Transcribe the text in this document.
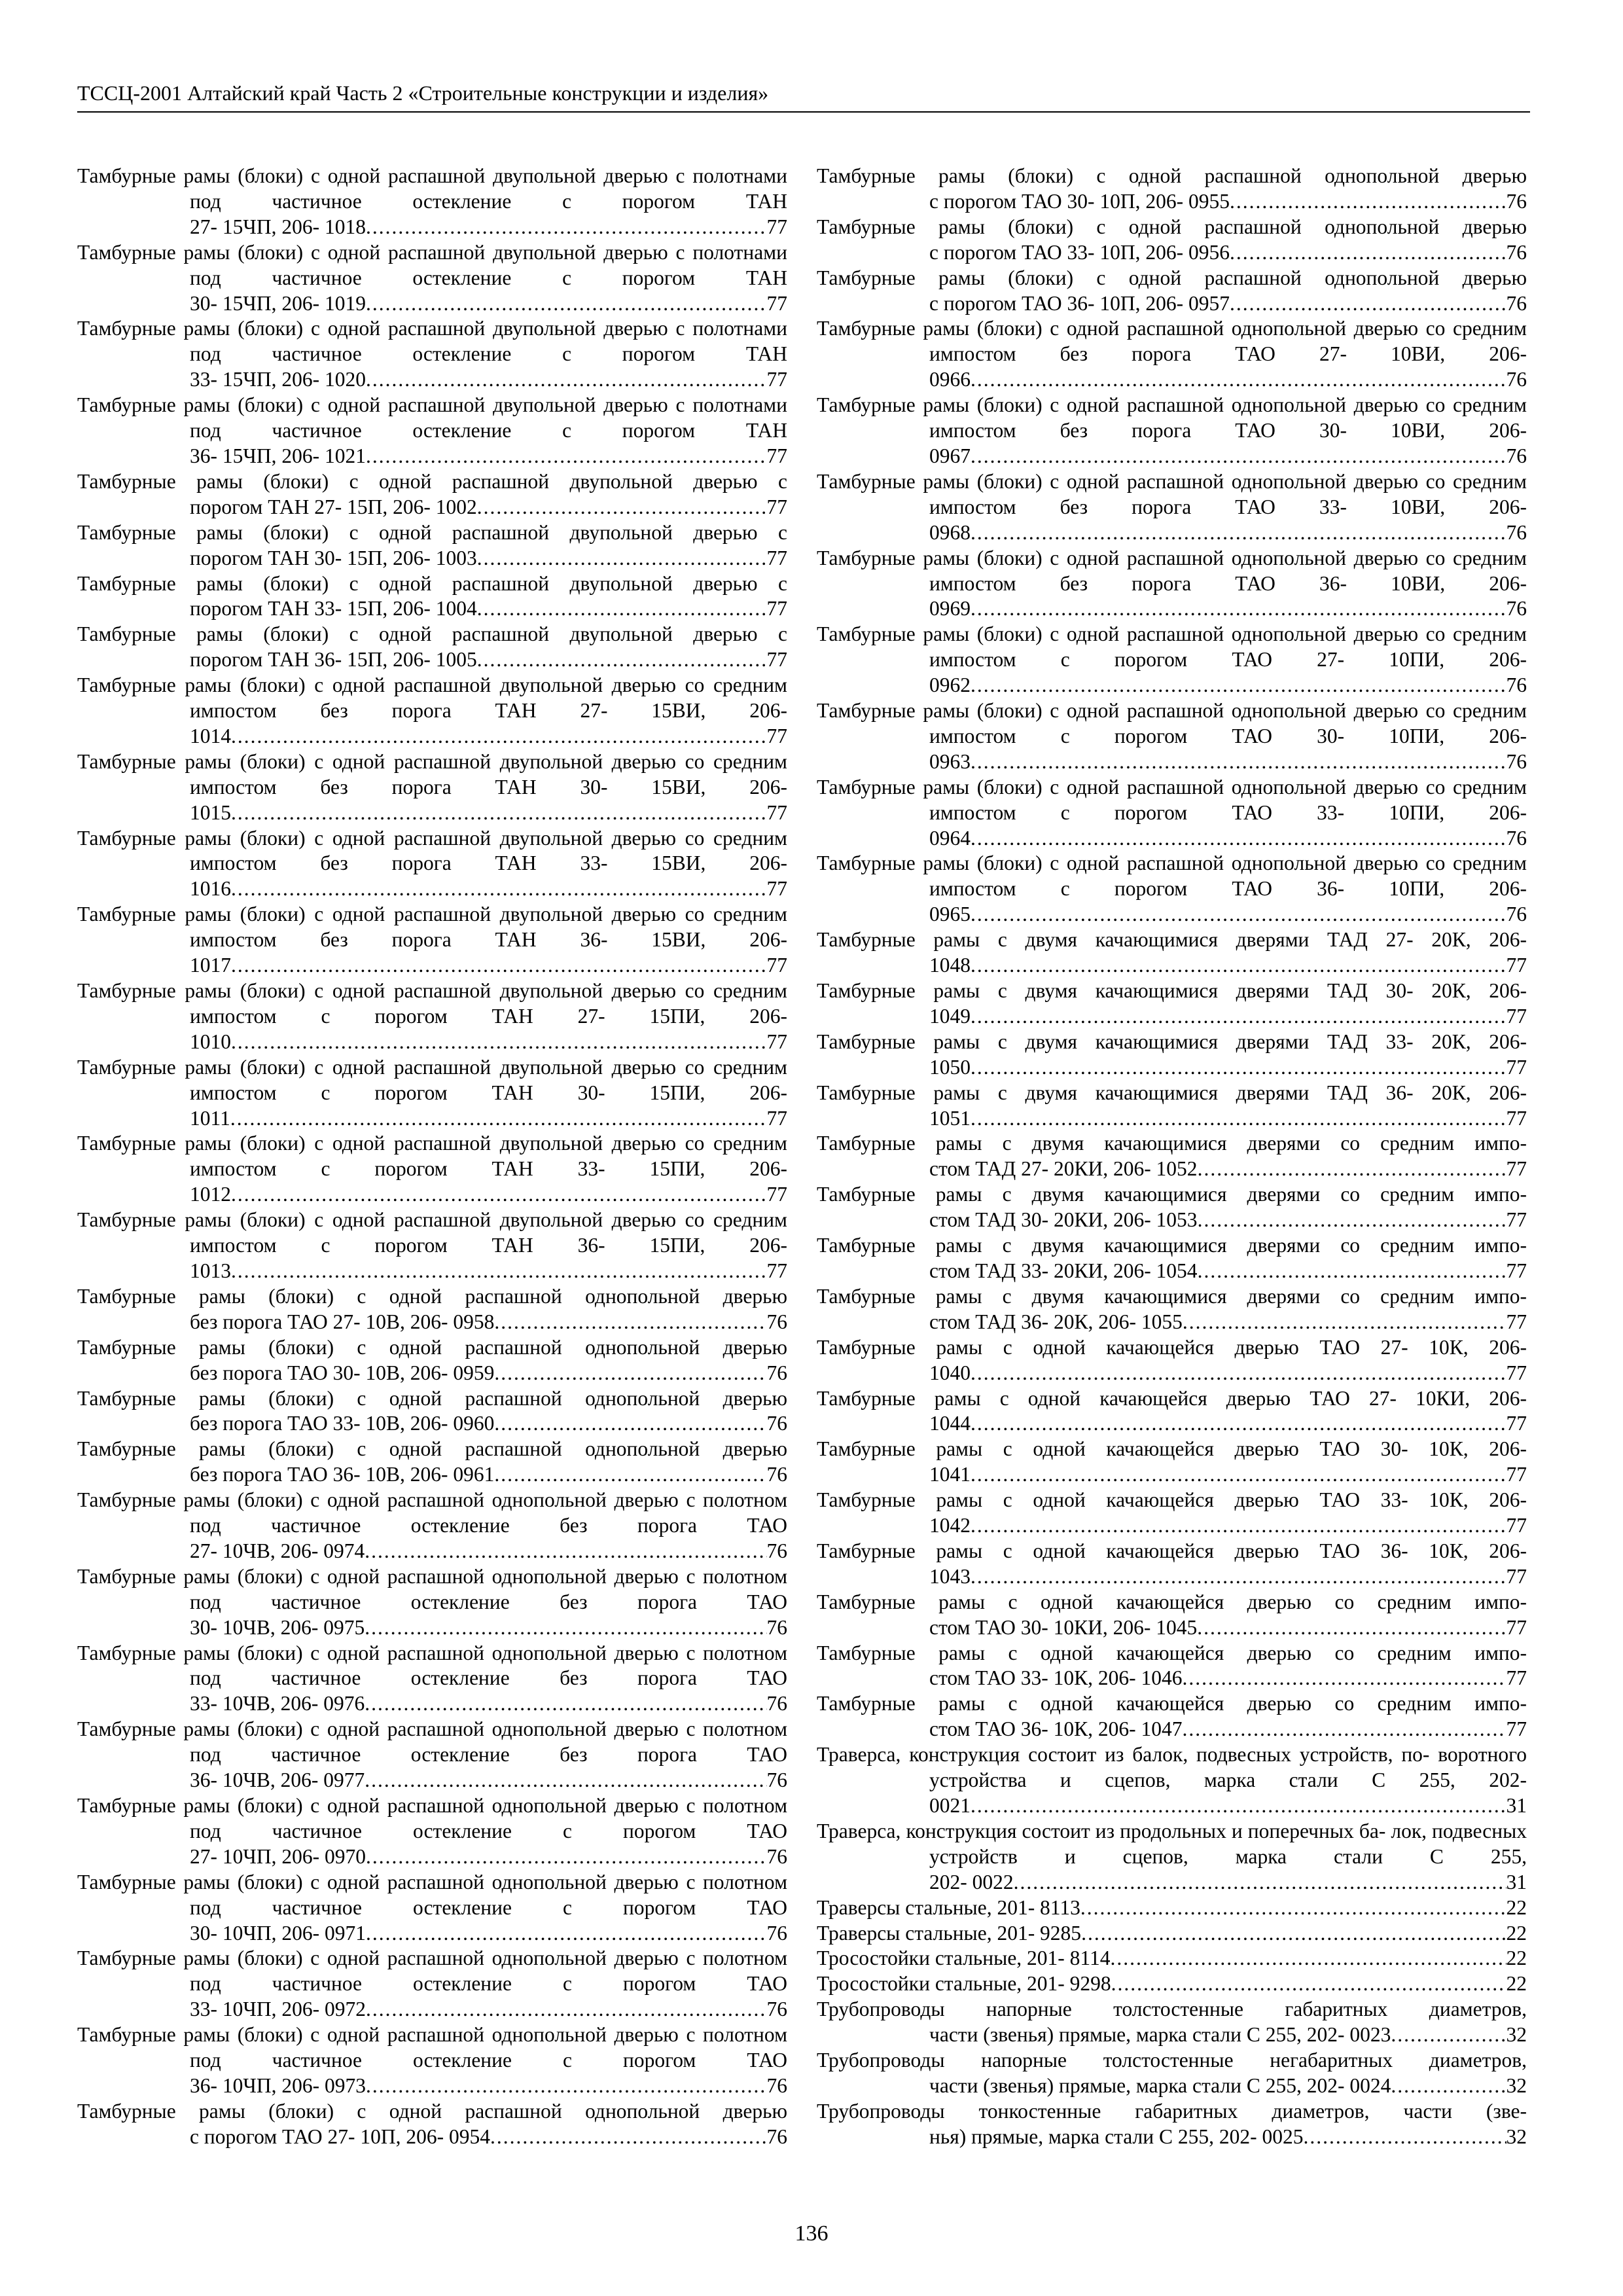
ТССЦ-2001 Алтайский край Часть 2 «Строительные конструкции и изделия»
Тамбурные рамы (блоки) с одной распашной двупольной дверью с полотнами под частичное остекление с порогом ТАН
27- 15ЧП, 206- 1018 .....	77
Тамбурные рамы (блоки) с одной распашной двупольной дверью с полотнами под частичное остекление с порогом ТАН
30- 15ЧП, 206- 1019 .....	77
Тамбурные рамы (блоки) с одной распашной двупольной дверью с полотнами под частичное остекление с порогом ТАН
33- 15ЧП, 206- 1020 .....	77
Тамбурные рамы (блоки) с одной распашной двупольной дверью с полотнами под частичное остекление с порогом ТАН
36- 15ЧП, 206- 1021 .....	77
Тамбурные рамы (блоки) с одной распашной двупольной дверью с
порогом ТАН 27- 15П, 206- 1002 .....	77
Тамбурные рамы (блоки) с одной распашной двупольной дверью с
порогом ТАН 30- 15П, 206- 1003 .....	77
Тамбурные рамы (блоки) с одной распашной двупольной дверью с
порогом ТАН 33- 15П, 206- 1004 .....	77
Тамбурные рамы (блоки) с одной распашной двупольной дверью с
порогом ТАН 36- 15П, 206- 1005 .....	77
Тамбурные рамы (блоки) с одной распашной двупольной дверью со средним импостом без порога ТАН 27- 15ВИ, 206-
1014 .....	77
Тамбурные рамы (блоки) с одной распашной двупольной дверью со средним импостом без порога ТАН 30- 15ВИ, 206-
1015 .....	77
Тамбурные рамы (блоки) с одной распашной двупольной дверью со средним импостом без порога ТАН 33- 15ВИ, 206-
1016 .....	77
Тамбурные рамы (блоки) с одной распашной двупольной дверью со средним импостом без порога ТАН 36- 15ВИ, 206-
1017 .....	77
Тамбурные рамы (блоки) с одной распашной двупольной дверью со средним импостом с порогом ТАН 27- 15ПИ, 206-
1010 .....	77
Тамбурные рамы (блоки) с одной распашной двупольной дверью со средним импостом с порогом ТАН 30- 15ПИ, 206-
1011 .....	77
Тамбурные рамы (блоки) с одной распашной двупольной дверью со средним импостом с порогом ТАН 33- 15ПИ, 206-
1012 .....	77
Тамбурные рамы (блоки) с одной распашной двупольной дверью со средним импостом с порогом ТАН 36- 15ПИ, 206-
1013 .....	77
Тамбурные рамы (блоки) с одной распашной однопольной дверью
без порога ТАО 27- 10В, 206- 0958 .....	76
Тамбурные рамы (блоки) с одной распашной однопольной дверью
без порога ТАО 30- 10В, 206- 0959 .....	76
Тамбурные рамы (блоки) с одной распашной однопольной дверью
без порога ТАО 33- 10В, 206- 0960 .....	76
Тамбурные рамы (блоки) с одной распашной однопольной дверью
без порога ТАО 36- 10В, 206- 0961 .....	76
Тамбурные рамы (блоки) с одной распашной однопольной дверью с полотном под частичное остекление без порога ТАО
27- 10ЧВ, 206- 0974 .....	76
Тамбурные рамы (блоки) с одной распашной однопольной дверью с полотном под частичное остекление без порога ТАО
30- 10ЧВ, 206- 0975 .....	76
Тамбурные рамы (блоки) с одной распашной однопольной дверью с полотном под частичное остекление без порога ТАО
33- 10ЧВ, 206- 0976 .....	76
Тамбурные рамы (блоки) с одной распашной однопольной дверью с полотном под частичное остекление без порога ТАО
36- 10ЧВ, 206- 0977 .....	76
Тамбурные рамы (блоки) с одной распашной однопольной дверью с полотном под частичное остекление с порогом ТАО
27- 10ЧП, 206- 0970 .....	76
Тамбурные рамы (блоки) с одной распашной однопольной дверью с полотном под частичное остекление с порогом ТАО
30- 10ЧП, 206- 0971 .....	76
Тамбурные рамы (блоки) с одной распашной однопольной дверью с полотном под частичное остекление с порогом ТАО
33- 10ЧП, 206- 0972 .....	76
Тамбурные рамы (блоки) с одной распашной однопольной дверью с полотном под частичное остекление с порогом ТАО
36- 10ЧП, 206- 0973 .....	76
Тамбурные рамы (блоки) с одной распашной однопольной дверью
с порогом ТАО 27- 10П, 206- 0954 .....	76
Тамбурные рамы (блоки) с одной распашной однопольной дверью
с порогом ТАО 30- 10П, 206- 0955 .....	76
Тамбурные рамы (блоки) с одной распашной однопольной дверью
с порогом ТАО 33- 10П, 206- 0956 .....	76
Тамбурные рамы (блоки) с одной распашной однопольной дверью
с порогом ТАО 36- 10П, 206- 0957 .....	76
Тамбурные рамы (блоки) с одной распашной однопольной дверью со средним импостом без порога ТАО 27- 10ВИ, 206-
0966 .....	76
Тамбурные рамы (блоки) с одной распашной однопольной дверью со средним импостом без порога ТАО 30- 10ВИ, 206-
0967 .....	76
Тамбурные рамы (блоки) с одной распашной однопольной дверью со средним импостом без порога ТАО 33- 10ВИ, 206-
0968 .....	76
Тамбурные рамы (блоки) с одной распашной однопольной дверью со средним импостом без порога ТАО 36- 10ВИ, 206-
0969 .....	76
Тамбурные рамы (блоки) с одной распашной однопольной дверью со средним импостом с порогом ТАО 27- 10ПИ, 206-
0962 .....	76
Тамбурные рамы (блоки) с одной распашной однопольной дверью со средним импостом с порогом ТАО 30- 10ПИ, 206-
0963 .....	76
Тамбурные рамы (блоки) с одной распашной однопольной дверью со средним импостом с порогом ТАО 33- 10ПИ, 206-
0964 .....	76
Тамбурные рамы (блоки) с одной распашной однопольной дверью со средним импостом с порогом ТАО 36- 10ПИ, 206-
0965 .....	76
Тамбурные рамы с двумя качающимися дверями ТАД 27- 20К, 206-
1048 .....	77
Тамбурные рамы с двумя качающимися дверями ТАД 30- 20К, 206-
1049 .....	77
Тамбурные рамы с двумя качающимися дверями ТАД 33- 20К, 206-
1050 .....	77
Тамбурные рамы с двумя качающимися дверями ТАД 36- 20К, 206-
1051 .....	77
Тамбурные рамы с двумя качающимися дверями со средним импо-
стом ТАД 27- 20КИ, 206- 1052 .....	77
Тамбурные рамы с двумя качающимися дверями со средним импо-
стом ТАД 30- 20КИ, 206- 1053 .....	77
Тамбурные рамы с двумя качающимися дверями со средним импо-
стом ТАД 33- 20КИ, 206- 1054 .....	77
Тамбурные рамы с двумя качающимися дверями со средним импо-
стом ТАД 36- 20К, 206- 1055 .....	77
Тамбурные рамы с одной качающейся дверью ТАО 27- 10К, 206-
1040 .....	77
Тамбурные рамы с одной качающейся дверью ТАО 27- 10КИ, 206-
1044 .....	77
Тамбурные рамы с одной качающейся дверью ТАО 30- 10К, 206-
1041 .....	77
Тамбурные рамы с одной качающейся дверью ТАО 33- 10К, 206-
1042 .....	77
Тамбурные рамы с одной качающейся дверью ТАО 36- 10К, 206-
1043 .....	77
Тамбурные рамы с одной качающейся дверью со средним импо-
стом ТАО 30- 10КИ, 206- 1045 .....	77
Тамбурные рамы с одной качающейся дверью со средним импо-
стом ТАО 33- 10К, 206- 1046 .....	77
Тамбурные рамы с одной качающейся дверью со средним импо-
стом ТАО 36- 10К, 206- 1047 .....	77
Траверса, конструкция состоит из балок, подвесных устройств, по- воротного устройства и сцепов, марка стали С 255, 202-
0021 .....	31
Траверса, конструкция состоит из продольных и поперечных ба- лок, подвесных устройств и сцепов, марка стали С 255,
202- 0022 .....	31
Траверсы стальные, 201- 8113 .....	22
Траверсы стальные, 201- 9285 .....	22
Тросостойки стальные, 201- 8114 .....	22
Тросостойки стальные, 201- 9298 .....	22
Трубопроводы напорные толстостенные габаритных диаметров,
части (звенья) прямые, марка стали С 255, 202- 0023 .....	32
Трубопроводы напорные толстостенные негабаритных диаметров,
части (звенья) прямые, марка стали С 255, 202- 0024 .....	32
Трубопроводы тонкостенные габаритных диаметров, части (зве-
нья) прямые, марка стали С 255, 202- 0025 .....	32
136
